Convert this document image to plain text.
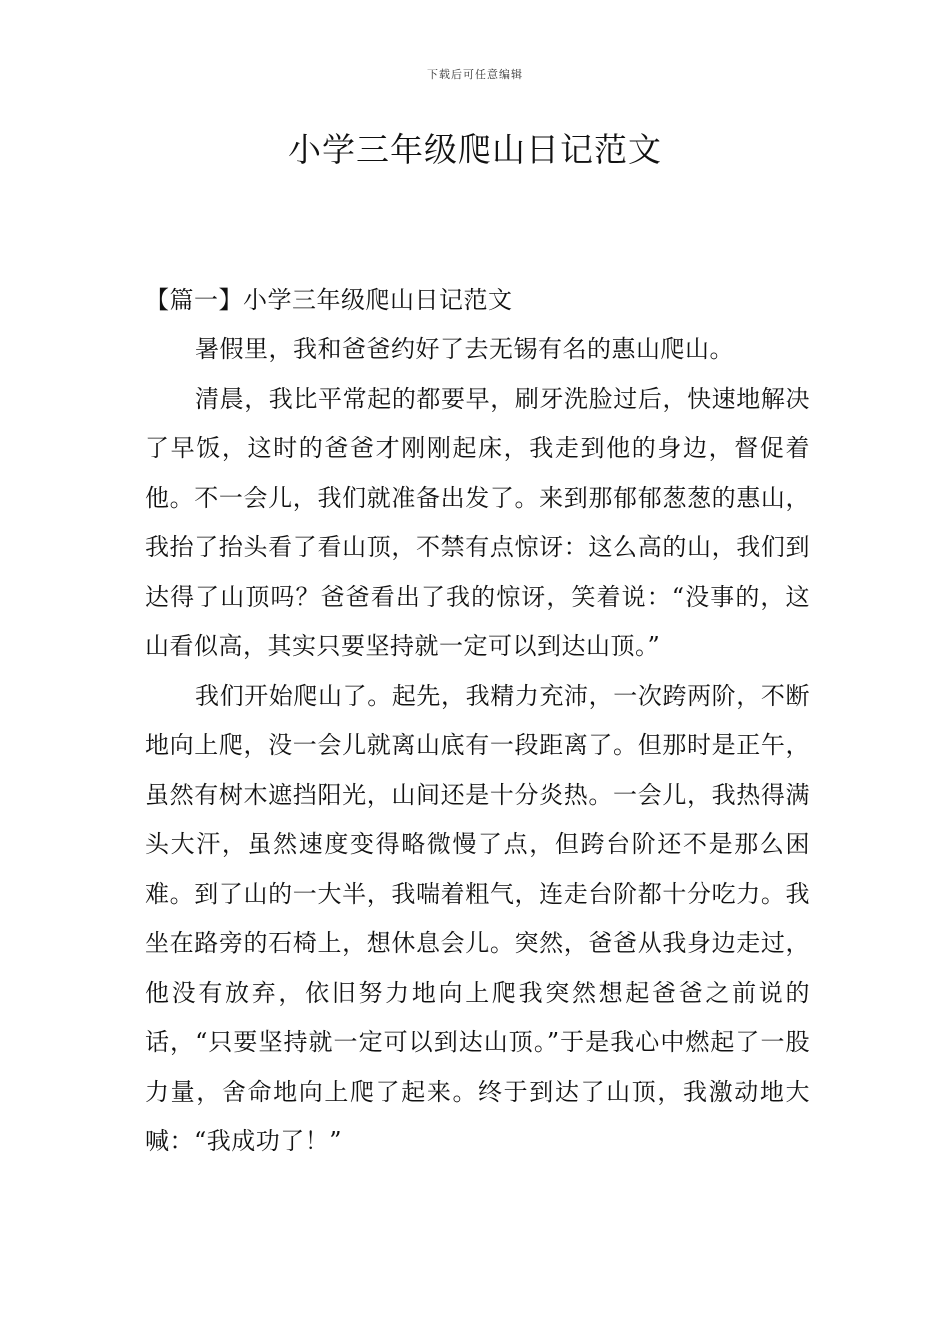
下载后可任意编辑
小学三年级爬山日记范文

【篇一】小学三年级爬山日记范文

暑假里，我和爸爸约好了去无锡有名的惠山爬山。

清晨，我比平常起的都要早，刷牙洗脸过后，快速地解决了早饭，这时的爸爸才刚刚起床，我走到他的身边，督促着他。不一会儿，我们就准备出发了。来到那郁郁葱葱的惠山，我抬了抬头看了看山顶，不禁有点惊讶：这么高的山，我们到达得了山顶吗？爸爸看出了我的惊讶，笑着说：“没事的，这山看似高，其实只要坚持就一定可以到达山顶。”

我们开始爬山了。起先，我精力充沛，一次跨两阶，不断地向上爬，没一会儿就离山底有一段距离了。但那时是正午，虽然有树木遮挡阳光，山间还是十分炎热。一会儿，我热得满头大汗，虽然速度变得略微慢了点，但跨台阶还不是那么困难。到了山的一大半，我喘着粗气，连走台阶都十分吃力。我坐在路旁的石椅上，想休息会儿。突然，爸爸从我身边走过，他没有放弃，依旧努力地向上爬我突然想起爸爸之前说的话，“只要坚持就一定可以到达山顶。”于是我心中燃起了一股力量，舍命地向上爬了起来。终于到达了山顶，我激动地大喊：“我成功了！”
